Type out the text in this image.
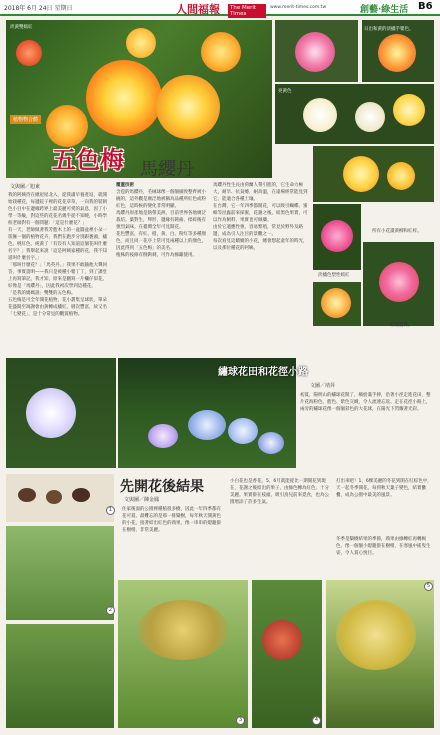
2018年 6月 24日 星期日	人間福報	The Merit Times
www.merit-times.com.tw	創藝‧綠生活 B6
淡黃雙嫣紅
植物物合體
五色梅 馬纓丹
日出和黃的淡橘手嬰色。
亮黃色
所有小花讀黃柳和紅梓。
淡橘色塑性嫣紅
紅燈籠梅。
文與圖／旭東

我的阿姨待在總屋屋北入，從我滿早養產逗，就開始栽種花，每邊院子裡的花花草草，一向我的裝朝色小目中在邊緣跨界上最美麗可愛的氣息，因了小學一等級，對這些的花花名幾乎從不知曉，小時學校老師對有一個問題：「這是什麼花？」

有一天，老師做著我芳藍木上的一盆圓盆裡小朵一簇擁一個的植物花卉，我們在跑步分別跟裏頭，橘色、桃紅色、純黃了「有沒有人知道這個花叫什麼名字？」我舉起來說「這是阿姨家種的花，我不知道叫什麼名字。」

「那叫什麼花？」「馬英丹。」我果不敢隨他大聲回答，事實證明——我只是被種小嬰丁丁，到了課堂上再寫筆記，我才知，原來是翻寫一片欄仔似花，好像是「馬纓丹」，因此我初次學到這種花。

「是我的媽媽說」雙雙的五色梅。

五色梅是可全年開花植物，花小叢集呈球狀，單朵花盛開至凋謝會由黃轉成橘紅，層次豐富，故又名「七變花」，是十分常見的觀賞植物。

覆蓋技術

含苞的馬纓丹，毛絨球像一個個細致整齊被小碗的，這外觀是廣泛地被稱為品種所紅色或粉紅色，這時候的變化非常明顯。

馬纓丹原產地是熱帶美洲，目前世界各地廣泛栽培。葉對生，卵形，邊緣有鈍齒，揉碎後有強烈氣味。在臺灣全年可見開花。

花色豐富，有紅、橙、黃、白、粉紅等多種顏色，而且同一花序上常可見兩種以上的顏色，因此得到「五色梅」的美名。

植株的枝條有倒鉤刺，可作為綠籬使用。

馬纓丹性生長由荷蘭人帶引進的，它生命力極大，耐旱、抗貧瘠，耐高溫，在遠場經常能見到它，能適合各種土壤。

在台灣，它一年四季都開花，可以吸引蝴蝶、蜜蜂等昆蟲前來採蜜，花謝之後，結黑色果實，可以作為飼料，果實也可做藥。

由於它適應性強，容易繁殖，常見於野外及路邊，成為引人注目的景觀之一。

每次看見這嬌媚的小花，總會想起童年的時光，以及那位種花的阿姨。

繡球花田和花徑小路
文圖／靖昇
初夏，陽明山的繡球花開了，繽紛滿手捧，沿著小徑走進花田，整片花海粉色、藍色、紫色交織，令人流連忘返。走在花徑小路上，兩旁的繡球花像一個個彩色的大花球，在陽光下閃耀著光彩。
1
先開花後結果
文與圖／陳金鳳
住家後面的公園裡種植很多樹，因此一年四季都有花可賞。最難忘的是那一排欒樹，每年秋天開黃色的小花，接著結出紅色的蒴果，像一串串的燈籠掛在樹梢，非常美麗。
小白花也是香花，5、6月就能從比一期開花到現在，花謝之後結出的果子，由綠色轉為紅色，十分美麗。果實掛在枝頭，吸引鳥兒前來覓食，也為公園增添了許多生氣。
打出來吧！1、6棵美麗的冬花到開在紅棕色中，天一起冬季開花，每到秋天葉子變色，結實纍纍，成為公園中最美的風景。
冬季是欒樹結果的季節，蒴果由綠轉紅再轉褐色，像一個個小燈籠掛在樹梢，在寒風中搖曳生姿，令人賞心悅目。
2
3	4
5
